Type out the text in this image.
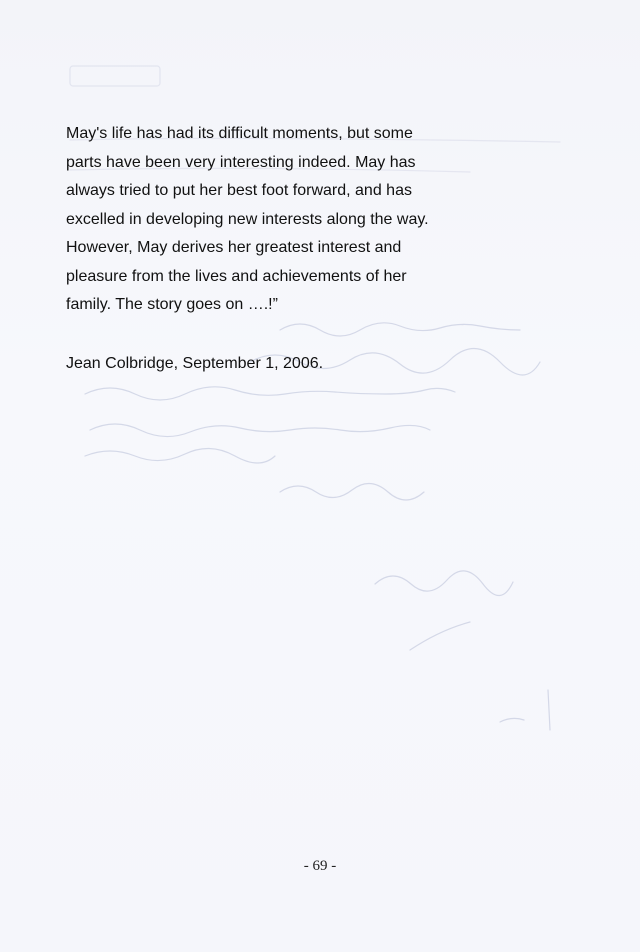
May's life has had its difficult moments, but some
parts have been very interesting indeed. May has
always tried to put her best foot forward, and has
excelled in developing new interests along the way.
However, May derives her greatest interest and
pleasure from the lives and achievements of her
family. The story goes on ….!”

Jean Colbridge, September 1, 2006.

- 69 -
